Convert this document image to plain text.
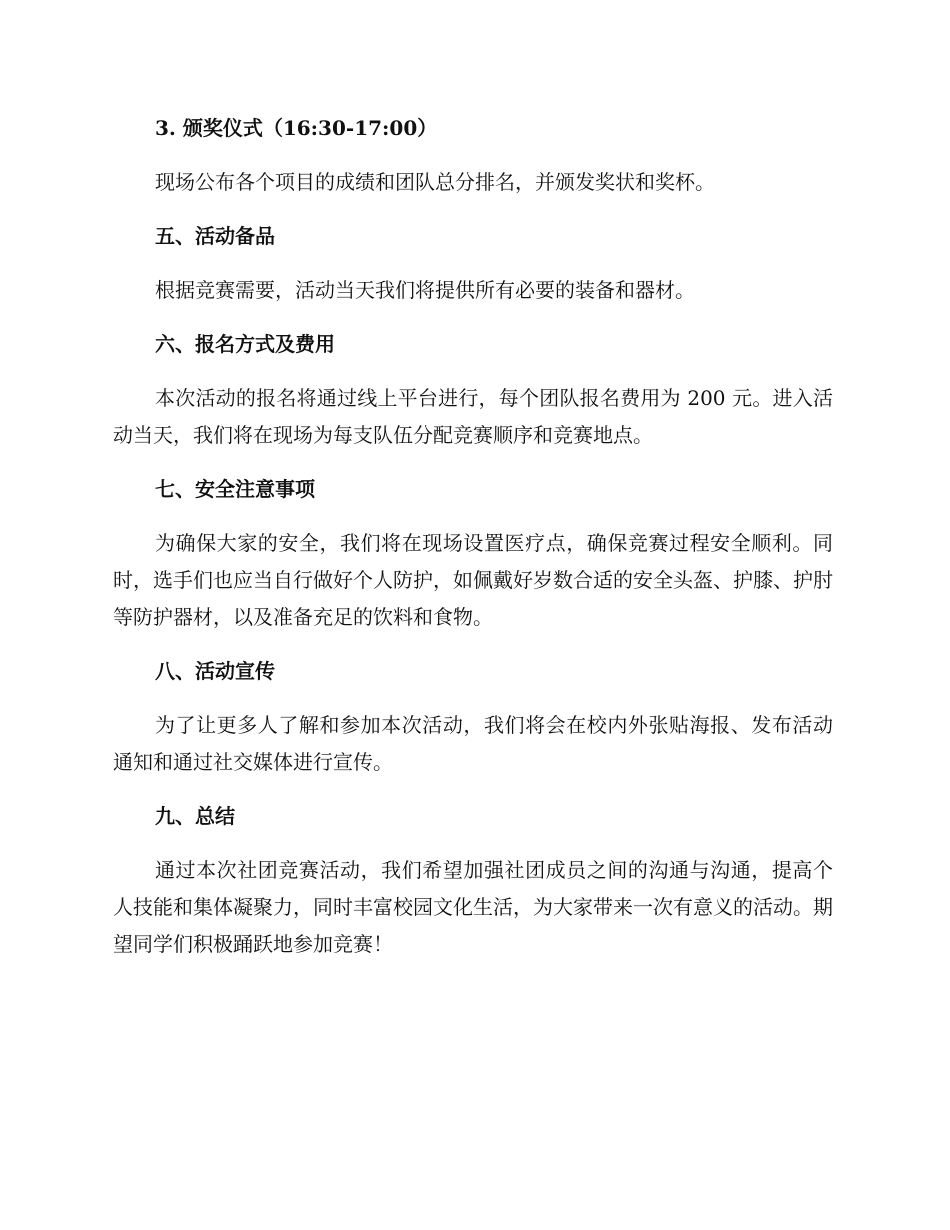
3. 颁奖仪式（16:30-17:00）
现场公布各个项目的成绩和团队总分排名，并颁发奖状和奖杯。
五、活动备品
根据竞赛需要，活动当天我们将提供所有必要的装备和器材。
六、报名方式及费用
本次活动的报名将通过线上平台进行，每个团队报名费用为 200 元。进入活动当天，我们将在现场为每支队伍分配竞赛顺序和竞赛地点。
七、安全注意事项
为确保大家的安全，我们将在现场设置医疗点，确保竞赛过程安全顺利。同时，选手们也应当自行做好个人防护，如佩戴好岁数合适的安全头盔、护膝、护肘等防护器材，以及准备充足的饮料和食物。
八、活动宣传
为了让更多人了解和参加本次活动，我们将会在校内外张贴海报、发布活动通知和通过社交媒体进行宣传。
九、总结
通过本次社团竞赛活动，我们希望加强社团成员之间的沟通与沟通，提高个人技能和集体凝聚力，同时丰富校园文化生活，为大家带来一次有意义的活动。期望同学们积极踊跃地参加竞赛！
